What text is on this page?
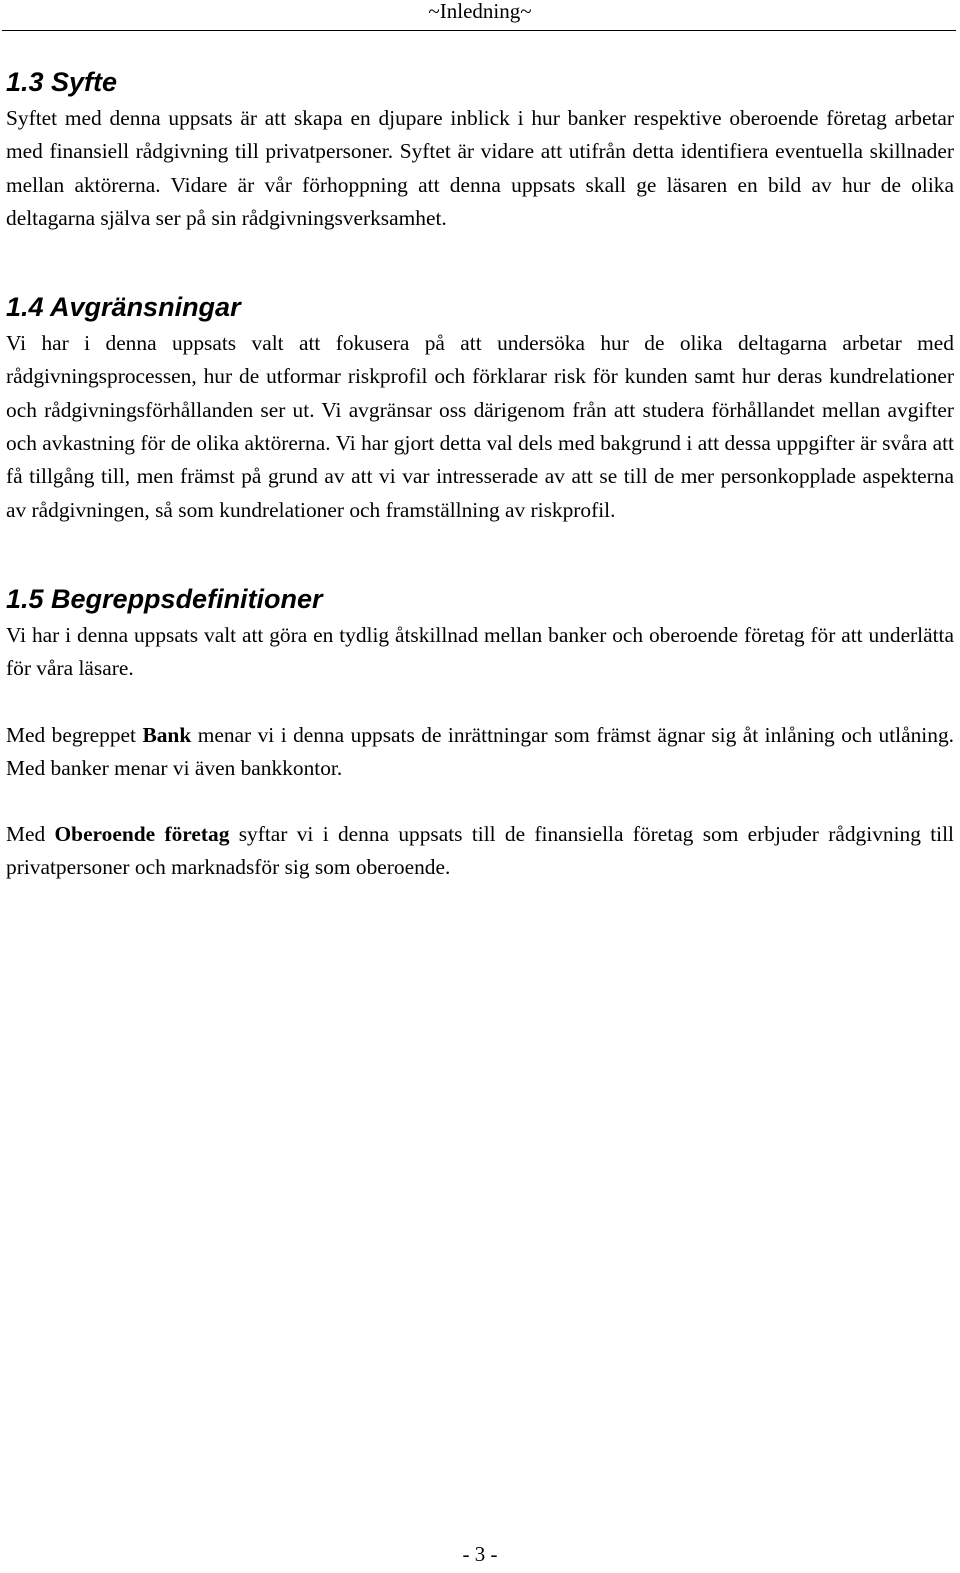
~Inledning~
1.3 Syfte

Syftet med denna uppsats är att skapa en djupare inblick i hur banker respektive oberoende företag arbetar med finansiell rådgivning till privatpersoner. Syftet är vidare att utifrån detta identifiera eventuella skillnader mellan aktörerna. Vidare är vår förhoppning att denna uppsats skall ge läsaren en bild av hur de olika deltagarna själva ser på sin rådgivningsverksamhet.

1.4 Avgränsningar

Vi har i denna uppsats valt att fokusera på att undersöka hur de olika deltagarna arbetar med rådgivningsprocessen, hur de utformar riskprofil och förklarar risk för kunden samt hur deras kundrelationer och rådgivningsförhållanden ser ut. Vi avgränsar oss därigenom från att studera förhållandet mellan avgifter och avkastning för de olika aktörerna. Vi har gjort detta val dels med bakgrund i att dessa uppgifter är svåra att få tillgång till, men främst på grund av att vi var intresserade av att se till de mer personkopplade aspekterna av rådgivningen, så som kundrelationer och framställning av riskprofil.

1.5 Begreppsdefinitioner

Vi har i denna uppsats valt att göra en tydlig åtskillnad mellan banker och oberoende företag för att underlätta för våra läsare.

Med begreppet Bank menar vi i denna uppsats de inrättningar som främst ägnar sig åt inlåning och utlåning. Med banker menar vi även bankkontor.

Med Oberoende företag syftar vi i denna uppsats till de finansiella företag som erbjuder rådgivning till privatpersoner och marknadsför sig som oberoende.

- 3 -
